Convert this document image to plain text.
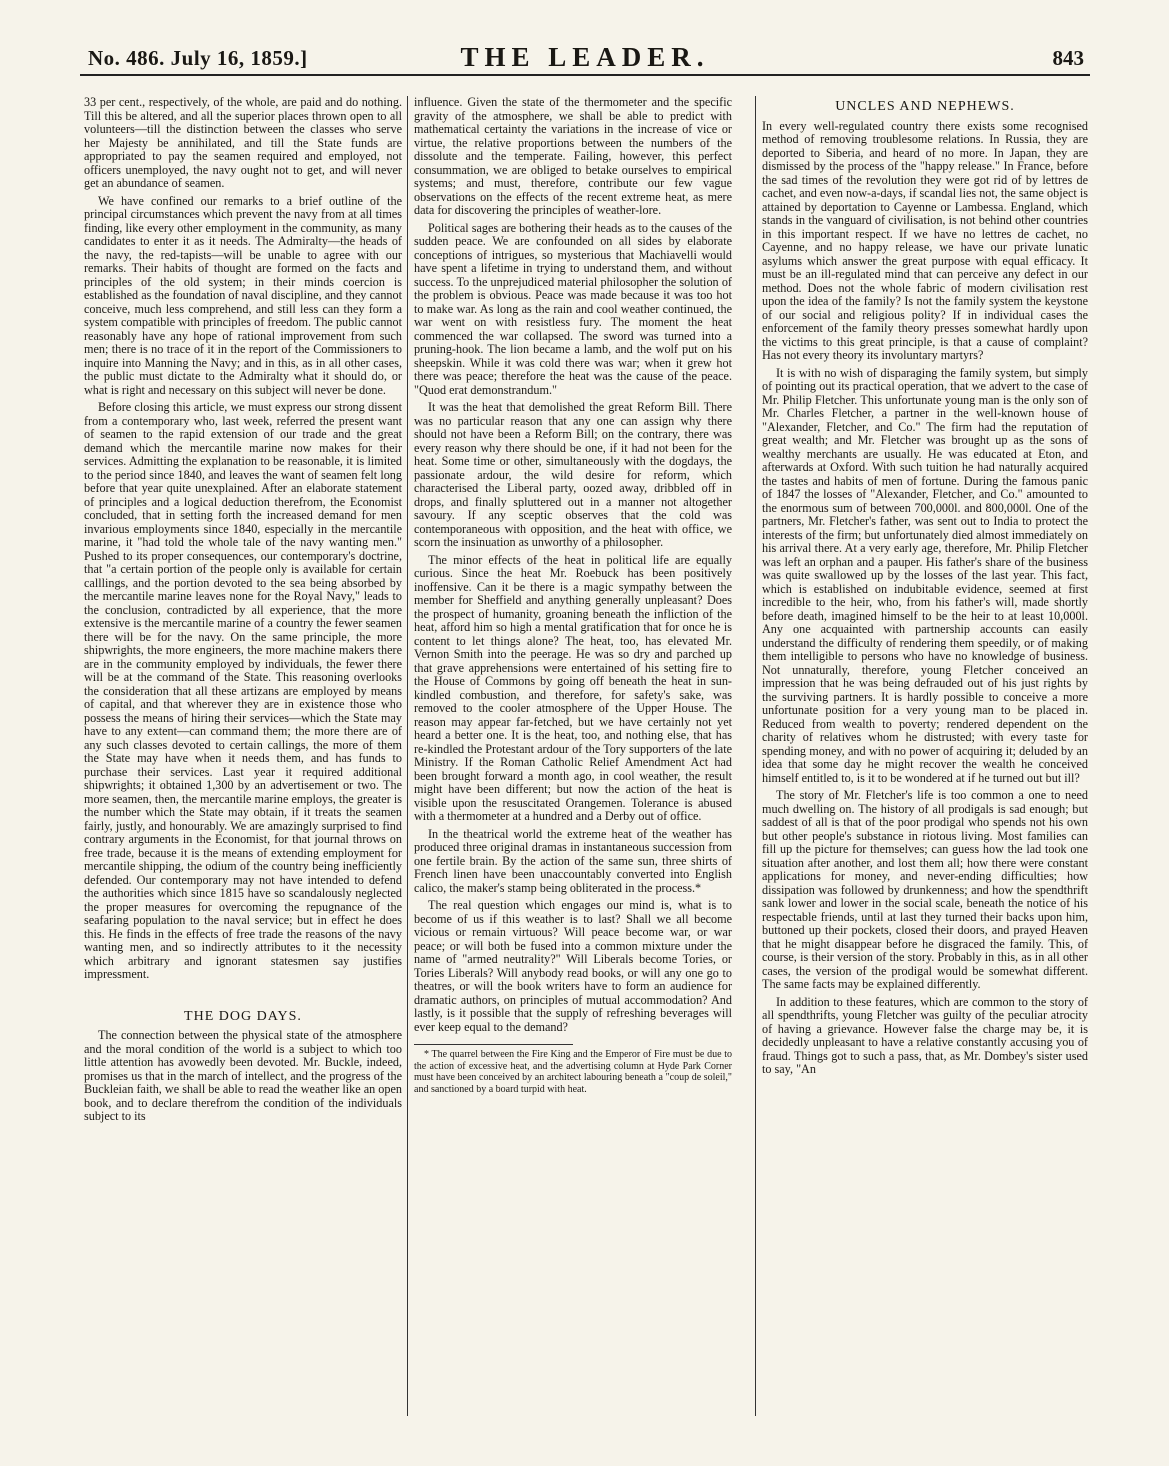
No. 486. July 16, 1859.]	THE LEADER.	843

33 per cent., respectively, of the whole, are paid and do nothing. Till this be altered, and all the superior places thrown open to all volunteers—till the distinction between the classes who serve her Majesty be annihilated, and till the State funds are appropriated to pay the seamen required and employed, not officers unemployed, the navy ought not to get, and will never get an abundance of seamen.

We have confined our remarks to a brief outline of the principal circumstances which prevent the navy from at all times finding, like every other employment in the community, as many candidates to enter it as it needs. The Admiralty—the heads of the navy, the red-tapists—will be unable to agree with our remarks. Their habits of thought are formed on the facts and principles of the old system; in their minds coercion is established as the foundation of naval discipline, and they cannot conceive, much less comprehend, and still less can they form a system compatible with principles of freedom. The public cannot reasonably have any hope of rational improvement from such men; there is no trace of it in the report of the Commissioners to inquire into Manning the Navy; and in this, as in all other cases, the public must dictate to the Admiralty what it should do, or what is right and necessary on this subject will never be done.

Before closing this article, we must express our strong dissent from a contemporary who, last week, referred the present want of seamen to the rapid extension of our trade and the great demand which the mercantile marine now makes for their services. Admitting the explanation to be reasonable, it is limited to the period since 1840, and leaves the want of seamen felt long before that year quite unexplained. After an elaborate statement of principles and a logical deduction therefrom, the Economist concluded, that in setting forth the increased demand for men invarious employments since 1840, especially in the mercantile marine, it "had told the whole tale of the navy wanting men." Pushed to its proper consequences, our contemporary's doctrine, that "a certain portion of the people only is available for certain calllings, and the portion devoted to the sea being absorbed by the mercantile marine leaves none for the Royal Navy," leads to the conclusion, contradicted by all experience, that the more extensive is the mercantile marine of a country the fewer seamen there will be for the navy. On the same principle, the more shipwrights, the more engineers, the more machine makers there are in the community employed by individuals, the fewer there will be at the command of the State. This reasoning overlooks the consideration that all these artizans are employed by means of capital, and that wherever they are in existence those who possess the means of hiring their services—which the State may have to any extent—can command them; the more there are of any such classes devoted to certain callings, the more of them the State may have when it needs them, and has funds to purchase their services. Last year it required additional shipwrights; it obtained 1,300 by an advertisement or two. The more seamen, then, the mercantile marine employs, the greater is the number which the State may obtain, if it treats the seamen fairly, justly, and honourably. We are amazingly surprised to find contrary arguments in the Economist, for that journal throws on free trade, because it is the means of extending employment for mercantile shipping, the odium of the country being inefficiently defended. Our contemporary may not have intended to defend the authorities which since 1815 have so scandalously neglected the proper measures for overcoming the repugnance of the seafaring population to the naval service; but in effect he does this. He finds in the effects of free trade the reasons of the navy wanting men, and so indirectly attributes to it the necessity which arbitrary and ignorant statesmen say justifies impressment.

THE DOG DAYS.

The connection between the physical state of the atmosphere and the moral condition of the world is a subject to which too little attention has avowedly been devoted. Mr. Buckle, indeed, promises us that in the march of intellect, and the progress of the Buckleian faith, we shall be able to read the weather like an open book, and to declare therefrom the condition of the individuals subject to its

influence. Given the state of the thermometer and the specific gravity of the atmosphere, we shall be able to predict with mathematical certainty the variations in the increase of vice or virtue, the relative proportions between the numbers of the dissolute and the temperate. Failing, however, this perfect consummation, we are obliged to betake ourselves to empirical systems; and must, therefore, contribute our few vague observations on the effects of the recent extreme heat, as mere data for discovering the principles of weather-lore.

Political sages are bothering their heads as to the causes of the sudden peace. We are confounded on all sides by elaborate conceptions of intrigues, so mysterious that Machiavelli would have spent a lifetime in trying to understand them, and without success. To the unprejudiced material philosopher the solution of the problem is obvious. Peace was made because it was too hot to make war. As long as the rain and cool weather continued, the war went on with resistless fury. The moment the heat commenced the war collapsed. The sword was turned into a pruning-hook. The lion became a lamb, and the wolf put on his sheepskin. While it was cold there was war; when it grew hot there was peace; therefore the heat was the cause of the peace. "Quod erat demonstrandum."

It was the heat that demolished the great Reform Bill. There was no particular reason that any one can assign why there should not have been a Reform Bill; on the contrary, there was every reason why there should be one, if it had not been for the heat. Some time or other, simultaneously with the dogdays, the passionate ardour, the wild desire for reform, which characterised the Liberal party, oozed away, dribbled off in drops, and finally spluttered out in a manner not altogether savoury. If any sceptic observes that the cold was contemporaneous with opposition, and the heat with office, we scorn the insinuation as unworthy of a philosopher.

The minor effects of the heat in political life are equally curious. Since the heat Mr. Roebuck has been positively inoffensive. Can it be there is a magic sympathy between the member for Sheffield and anything generally unpleasant? Does the prospect of humanity, groaning beneath the infliction of the heat, afford him so high a mental gratification that for once he is content to let things alone? The heat, too, has elevated Mr. Vernon Smith into the peerage. He was so dry and parched up that grave apprehensions were entertained of his setting fire to the House of Commons by going off beneath the heat in sun-kindled combustion, and therefore, for safety's sake, was removed to the cooler atmosphere of the Upper House. The reason may appear far-fetched, but we have certainly not yet heard a better one. It is the heat, too, and nothing else, that has re-kindled the Protestant ardour of the Tory supporters of the late Ministry. If the Roman Catholic Relief Amendment Act had been brought forward a month ago, in cool weather, the result might have been different; but now the action of the heat is visible upon the resuscitated Orangemen. Tolerance is abused with a thermometer at a hundred and a Derby out of office.

In the theatrical world the extreme heat of the weather has produced three original dramas in instantaneous succession from one fertile brain. By the action of the same sun, three shirts of French linen have been unaccountably converted into English calico, the maker's stamp being obliterated in the process.*

The real question which engages our mind is, what is to become of us if this weather is to last? Shall we all become vicious or remain virtuous? Will peace become war, or war peace; or will both be fused into a common mixture under the name of "armed neutrality?" Will Liberals become Tories, or Tories Liberals? Will anybody read books, or will any one go to theatres, or will the book writers have to form an audience for dramatic authors, on principles of mutual accommodation? And lastly, is it possible that the supply of refreshing beverages will ever keep equal to the demand?

* The quarrel between the Fire King and the Emperor of Fire must be due to the action of excessive heat, and the advertising column at Hyde Park Corner must have been conceived by an architect labouring beneath a "coup de soleil," and sanctioned by a board turpid with heat.
UNCLES AND NEPHEWS.

In every well-regulated country there exists some recognised method of removing troublesome relations. In Russia, they are deported to Siberia, and heard of no more. In Japan, they are dismissed by the process of the "happy release." In France, before the sad times of the revolution they were got rid of by lettres de cachet, and even now-a-days, if scandal lies not, the same object is attained by deportation to Cayenne or Lambessa. England, which stands in the vanguard of civilisation, is not behind other countries in this important respect. If we have no lettres de cachet, no Cayenne, and no happy release, we have our private lunatic asylums which answer the great purpose with equal efficacy. It must be an ill-regulated mind that can perceive any defect in our method. Does not the whole fabric of modern civilisation rest upon the idea of the family? Is not the family system the keystone of our social and religious polity? If in individual cases the enforcement of the family theory presses somewhat hardly upon the victims to this great principle, is that a cause of complaint? Has not every theory its involuntary martyrs?

It is with no wish of disparaging the family system, but simply of pointing out its practical operation, that we advert to the case of Mr. Philip Fletcher. This unfortunate young man is the only son of Mr. Charles Fletcher, a partner in the well-known house of "Alexander, Fletcher, and Co." The firm had the reputation of great wealth; and Mr. Fletcher was brought up as the sons of wealthy merchants are usually. He was educated at Eton, and afterwards at Oxford. With such tuition he had naturally acquired the tastes and habits of men of fortune. During the famous panic of 1847 the losses of "Alexander, Fletcher, and Co." amounted to the enormous sum of between 700,000l. and 800,000l. One of the partners, Mr. Fletcher's father, was sent out to India to protect the interests of the firm; but unfortunately died almost immediately on his arrival there. At a very early age, therefore, Mr. Philip Fletcher was left an orphan and a pauper. His father's share of the business was quite swallowed up by the losses of the last year. This fact, which is established on indubitable evidence, seemed at first incredible to the heir, who, from his father's will, made shortly before death, imagined himself to be the heir to at least 10,000l. Any one acquainted with partnership accounts can easily understand the difficulty of rendering them speedily, or of making them intelligible to persons who have no knowledge of business. Not unnaturally, therefore, young Fletcher conceived an impression that he was being defrauded out of his just rights by the surviving partners. It is hardly possible to conceive a more unfortunate position for a very young man to be placed in. Reduced from wealth to poverty; rendered dependent on the charity of relatives whom he distrusted; with every taste for spending money, and with no power of acquiring it; deluded by an idea that some day he might recover the wealth he conceived himself entitled to, is it to be wondered at if he turned out but ill?

The story of Mr. Fletcher's life is too common a one to need much dwelling on. The history of all prodigals is sad enough; but saddest of all is that of the poor prodigal who spends not his own but other people's substance in riotous living. Most families can fill up the picture for themselves; can guess how the lad took one situation after another, and lost them all; how there were constant applications for money, and never-ending difficulties; how dissipation was followed by drunkenness; and how the spendthrift sank lower and lower in the social scale, beneath the notice of his respectable friends, until at last they turned their backs upon him, buttoned up their pockets, closed their doors, and prayed Heaven that he might disappear before he disgraced the family. This, of course, is their version of the story. Probably in this, as in all other cases, the version of the prodigal would be somewhat different. The same facts may be explained differently.

In addition to these features, which are common to the story of all spendthrifts, young Fletcher was guilty of the peculiar atrocity of having a grievance. However false the charge may be, it is decidedly unpleasant to have a relative constantly accusing you of fraud. Things got to such a pass, that, as Mr. Dombey's sister used to say, "An
